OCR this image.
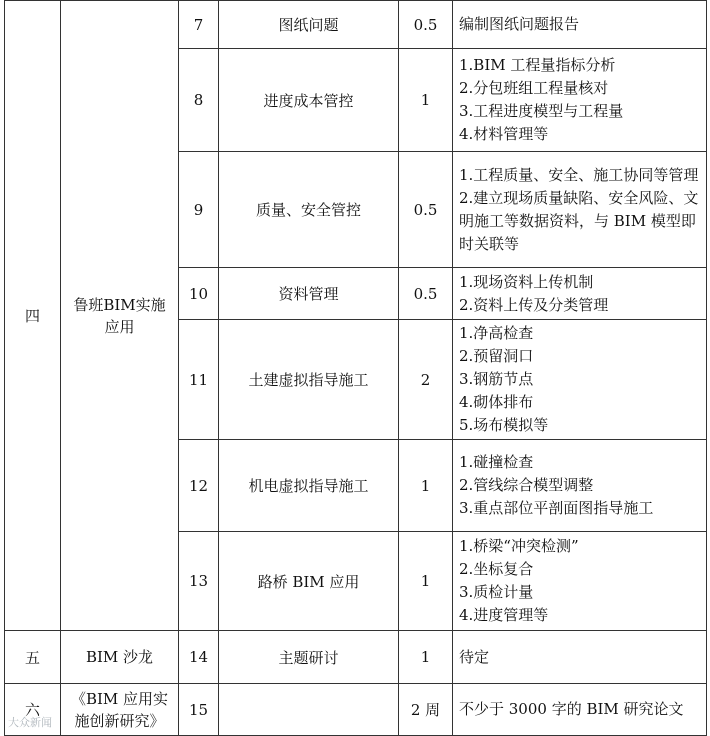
四	鲁班BIM实施应用	7	图纸问题	0.5	编制图纸问题报告

		8	进度成本管控	1	1.BIM 工程量指标分析
2.分包班组工程量核对
3.工程进度模型与工程量
4.材料管理等

		9	质量、安全管控	0.5	1.工程质量、安全、施工协同等管理
2.建立现场质量缺陷、安全风险、文明施工等数据资料，与 BIM 模型即时关联等

		10	资料管理	0.5	1.现场资料上传机制
2.资料上传及分类管理

		11	土建虚拟指导施工	2	1.净高检查
2.预留洞口
3.钢筋节点
4.砌体排布
5.场布模拟等

		12	机电虚拟指导施工	1	1.碰撞检查
2.管线综合模型调整
3.重点部位平剖面图指导施工

		13	路桥 BIM 应用	1	1.桥梁“冲突检测”
2.坐标复合
3.质检计量
4.进度管理等

五	BIM 沙龙	14	主题研讨	1	待定

六	《BIM 应用实施创新研究》	15		2 周	不少于 3000 字的 BIM 研究论文
大众新闻
